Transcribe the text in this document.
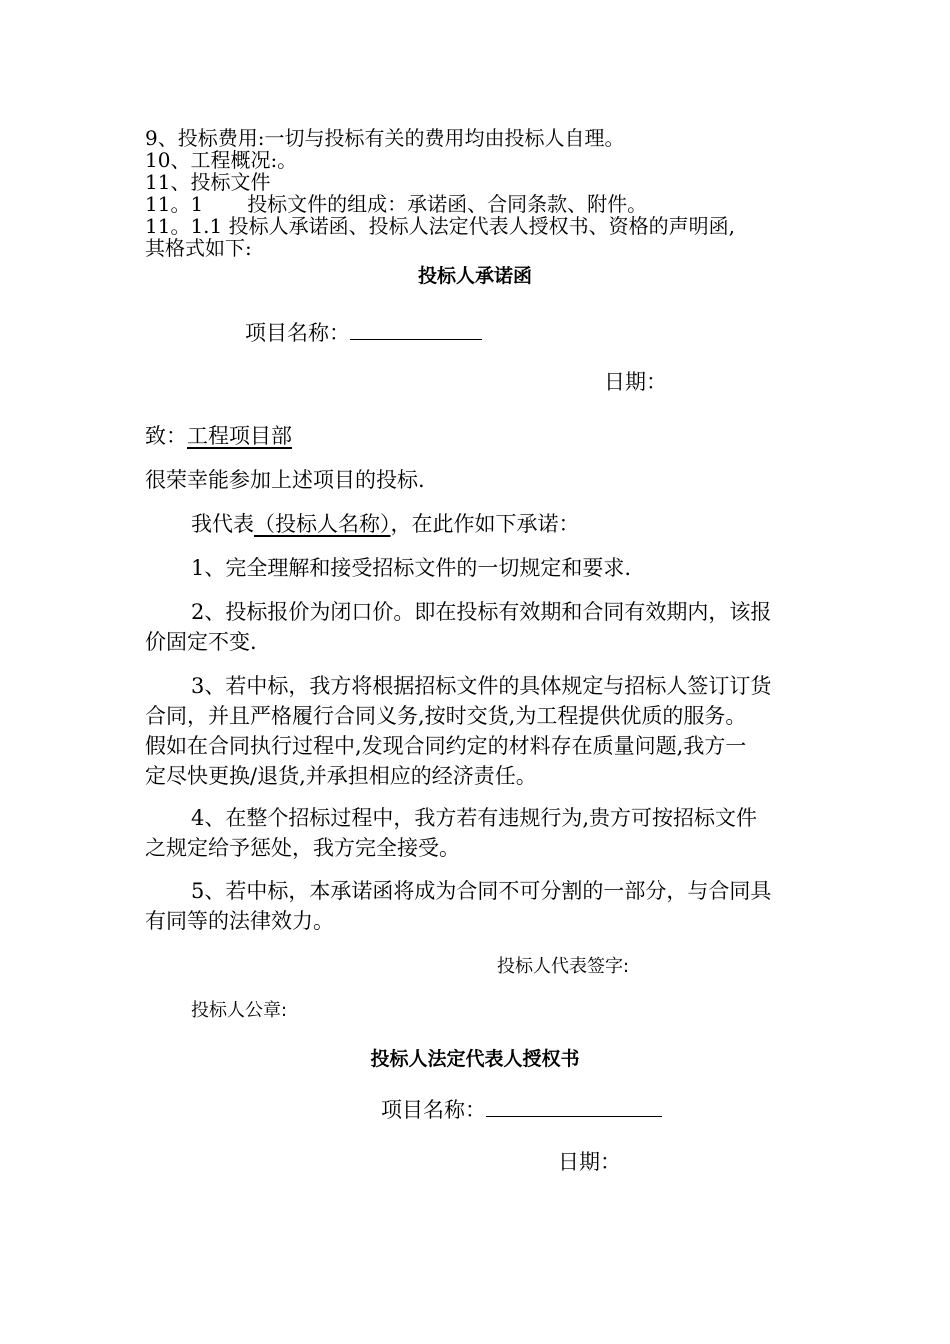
9、投标费用:一切与投标有关的费用均由投标人自理。
10、工程概况:。
11、投标文件
11。1 投标文件的组成：承诺函、合同条款、附件。
11。1.1 投标人承诺函、投标人法定代表人授权书、资格的声明函,
其格式如下:
投标人承诺函
项目名称：
日期：
致：工程项目部
很荣幸能参加上述项目的投标.
我代表（投标人名称），在此作如下承诺：
1、完全理解和接受招标文件的一切规定和要求.
2、投标报价为闭口价。即在投标有效期和合同有效期内，该报
价固定不变.
3、若中标，我方将根据招标文件的具体规定与招标人签订订货
合同，并且严格履行合同义务,按时交货,为工程提供优质的服务。
假如在合同执行过程中,发现合同约定的材料存在质量问题,我方一
定尽快更换/退货,并承担相应的经济责任。
4、在整个招标过程中，我方若有违规行为,贵方可按招标文件
之规定给予惩处，我方完全接受。
5、若中标，本承诺函将成为合同不可分割的一部分，与合同具
有同等的法律效力。
投标人代表签字:
投标人公章:
投标人法定代表人授权书
项目名称：
日期：
